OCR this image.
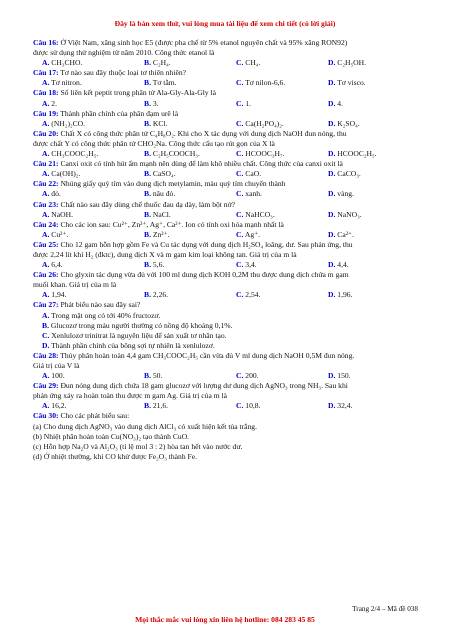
Đây là bản xem thử, vui lòng mua tài liệu để xem chi tiết (có lời giải)
Câu 16: Ở Việt Nam, xăng sinh học E5 (được pha chế từ 5% etanol nguyên chất và 95% xăng RON92)
được sử dụng thử nghiệm từ năm 2010. Công thức etanol là
A. CH₃CHO.	B. C₂H₄.	C. CH₄.	D. C₂H₅OH.
Câu 17: Tơ nào sau đây thuộc loại tơ thiên nhiên?
A. Tơ nitron.	B. Tơ tằm.	C. Tơ nilon-6,6.	D. Tơ visco.
Câu 18: Số liên kết peptit trong phân tử Ala-Gly-Ala-Gly là
A. 2.	B. 3.	C. 1.	D. 4.
Câu 19: Thành phần chính của phân đạm urê là
A. (NH₂)₂CO.	B. KCl.	C. Ca(H₂PO₄)₂.	D. K₂SO₄.
Câu 20: Chất X có công thức phân tử C₄H₈O₂. Khi cho X tác dụng với dung dịch NaOH đun nóng, thu
được chất Y có công thức phân tử CHO₂Na. Công thức cấu tạo rút gọn của X là
A. CH₃COOC₂H₅.	B. C₂H₅COOCH₃.	C. HCOOC₃H₇.	D. HCOOC₂H₅.
Câu 21: Canxi oxit có tính hút ẩm mạnh nên dùng để làm khô nhiều chất. Công thức của canxi oxit là
A. Ca(OH)₂.	B. CaSO₄.	C. CaO.	D. CaCO₃.
Câu 22: Nhúng giấy quỳ tím vào dung dịch metylamin, màu quỳ tím chuyển thành
A. đỏ.	B. nâu đỏ.	C. xanh.	D. vàng.
Câu 23: Chất nào sau đây dùng chế thuốc đau dạ dày, làm bột nở?
A. NaOH.	B. NaCl.	C. NaHCO₃.	D. NaNO₃.
Câu 24: Cho các ion sau: Cu²⁺, Zn²⁺, Ag⁺, Ca²⁺. Ion có tính oxi hóa mạnh nhất là
A. Cu²⁺.	B. Zn²⁺.	C. Ag⁺.	D. Ca²⁺.
Câu 25: Cho 12 gam hỗn hợp gồm Fe và Cu tác dụng với dung dịch H₂SO₄ loãng, dư. Sau phản ứng, thu
được 2,24 lít khí H₂ (đktc), dung dịch X và m gam kim loại không tan. Giá trị của m là
A. 6,4.	B. 5,6.	C. 3,4.	D. 4,4.
Câu 26: Cho glyxin tác dụng vừa đủ với 100 ml dung dịch KOH 0,2M thu được dung dịch chứa m gam
muối khan. Giá trị của m là
A. 1,94.	B. 2,26.	C. 2,54.	D. 1,96.
Câu 27: Phát biểu nào sau đây sai?
A. Trong mật ong có tới 40% fructozơ.
B. Glucozơ trong máu người thường có nồng độ khoảng 0,1%.
C. Xenlulozơ trinitrat là nguyên liệu để sản xuất tơ nhân tạo.
D. Thành phần chính của bông sợi tự nhiên là xenlulozơ.
Câu 28: Thủy phân hoàn toàn 4,4 gam CH₃COOC₂H₅ cần vừa đủ V ml dung dịch NaOH 0,5M đun nóng.
Giá trị của V là
A. 100.	B. 50.	C. 200.	D. 150.
Câu 29: Đun nóng dung dịch chứa 18 gam glucozơ với lượng dư dung dịch AgNO₃ trong NH₃. Sau khi
phản ứng xảy ra hoàn toàn thu được m gam Ag. Giá trị của m là
A. 16,2.	B. 21,6.	C. 10,8.	D. 32,4.
Câu 30: Cho các phát biểu sau:
(a) Cho dung dịch AgNO₃ vào dung dịch AlCl₃ có xuất hiện kết tủa trắng.
(b) Nhiệt phân hoàn toàn Cu(NO₃)₂ tạo thành CuO.
(c) Hỗn hợp Na₂O và Al₂O₃ (tỉ lệ mol 3 : 2) hòa tan hết vào nước dư.
(d) Ở nhiệt thường, khí CO khử được Fe₂O₃ thành Fe.
Trang 2/4 – Mã đề 038
Mọi thắc mắc vui lòng xin liên hệ hotline: 084 283 45 85
